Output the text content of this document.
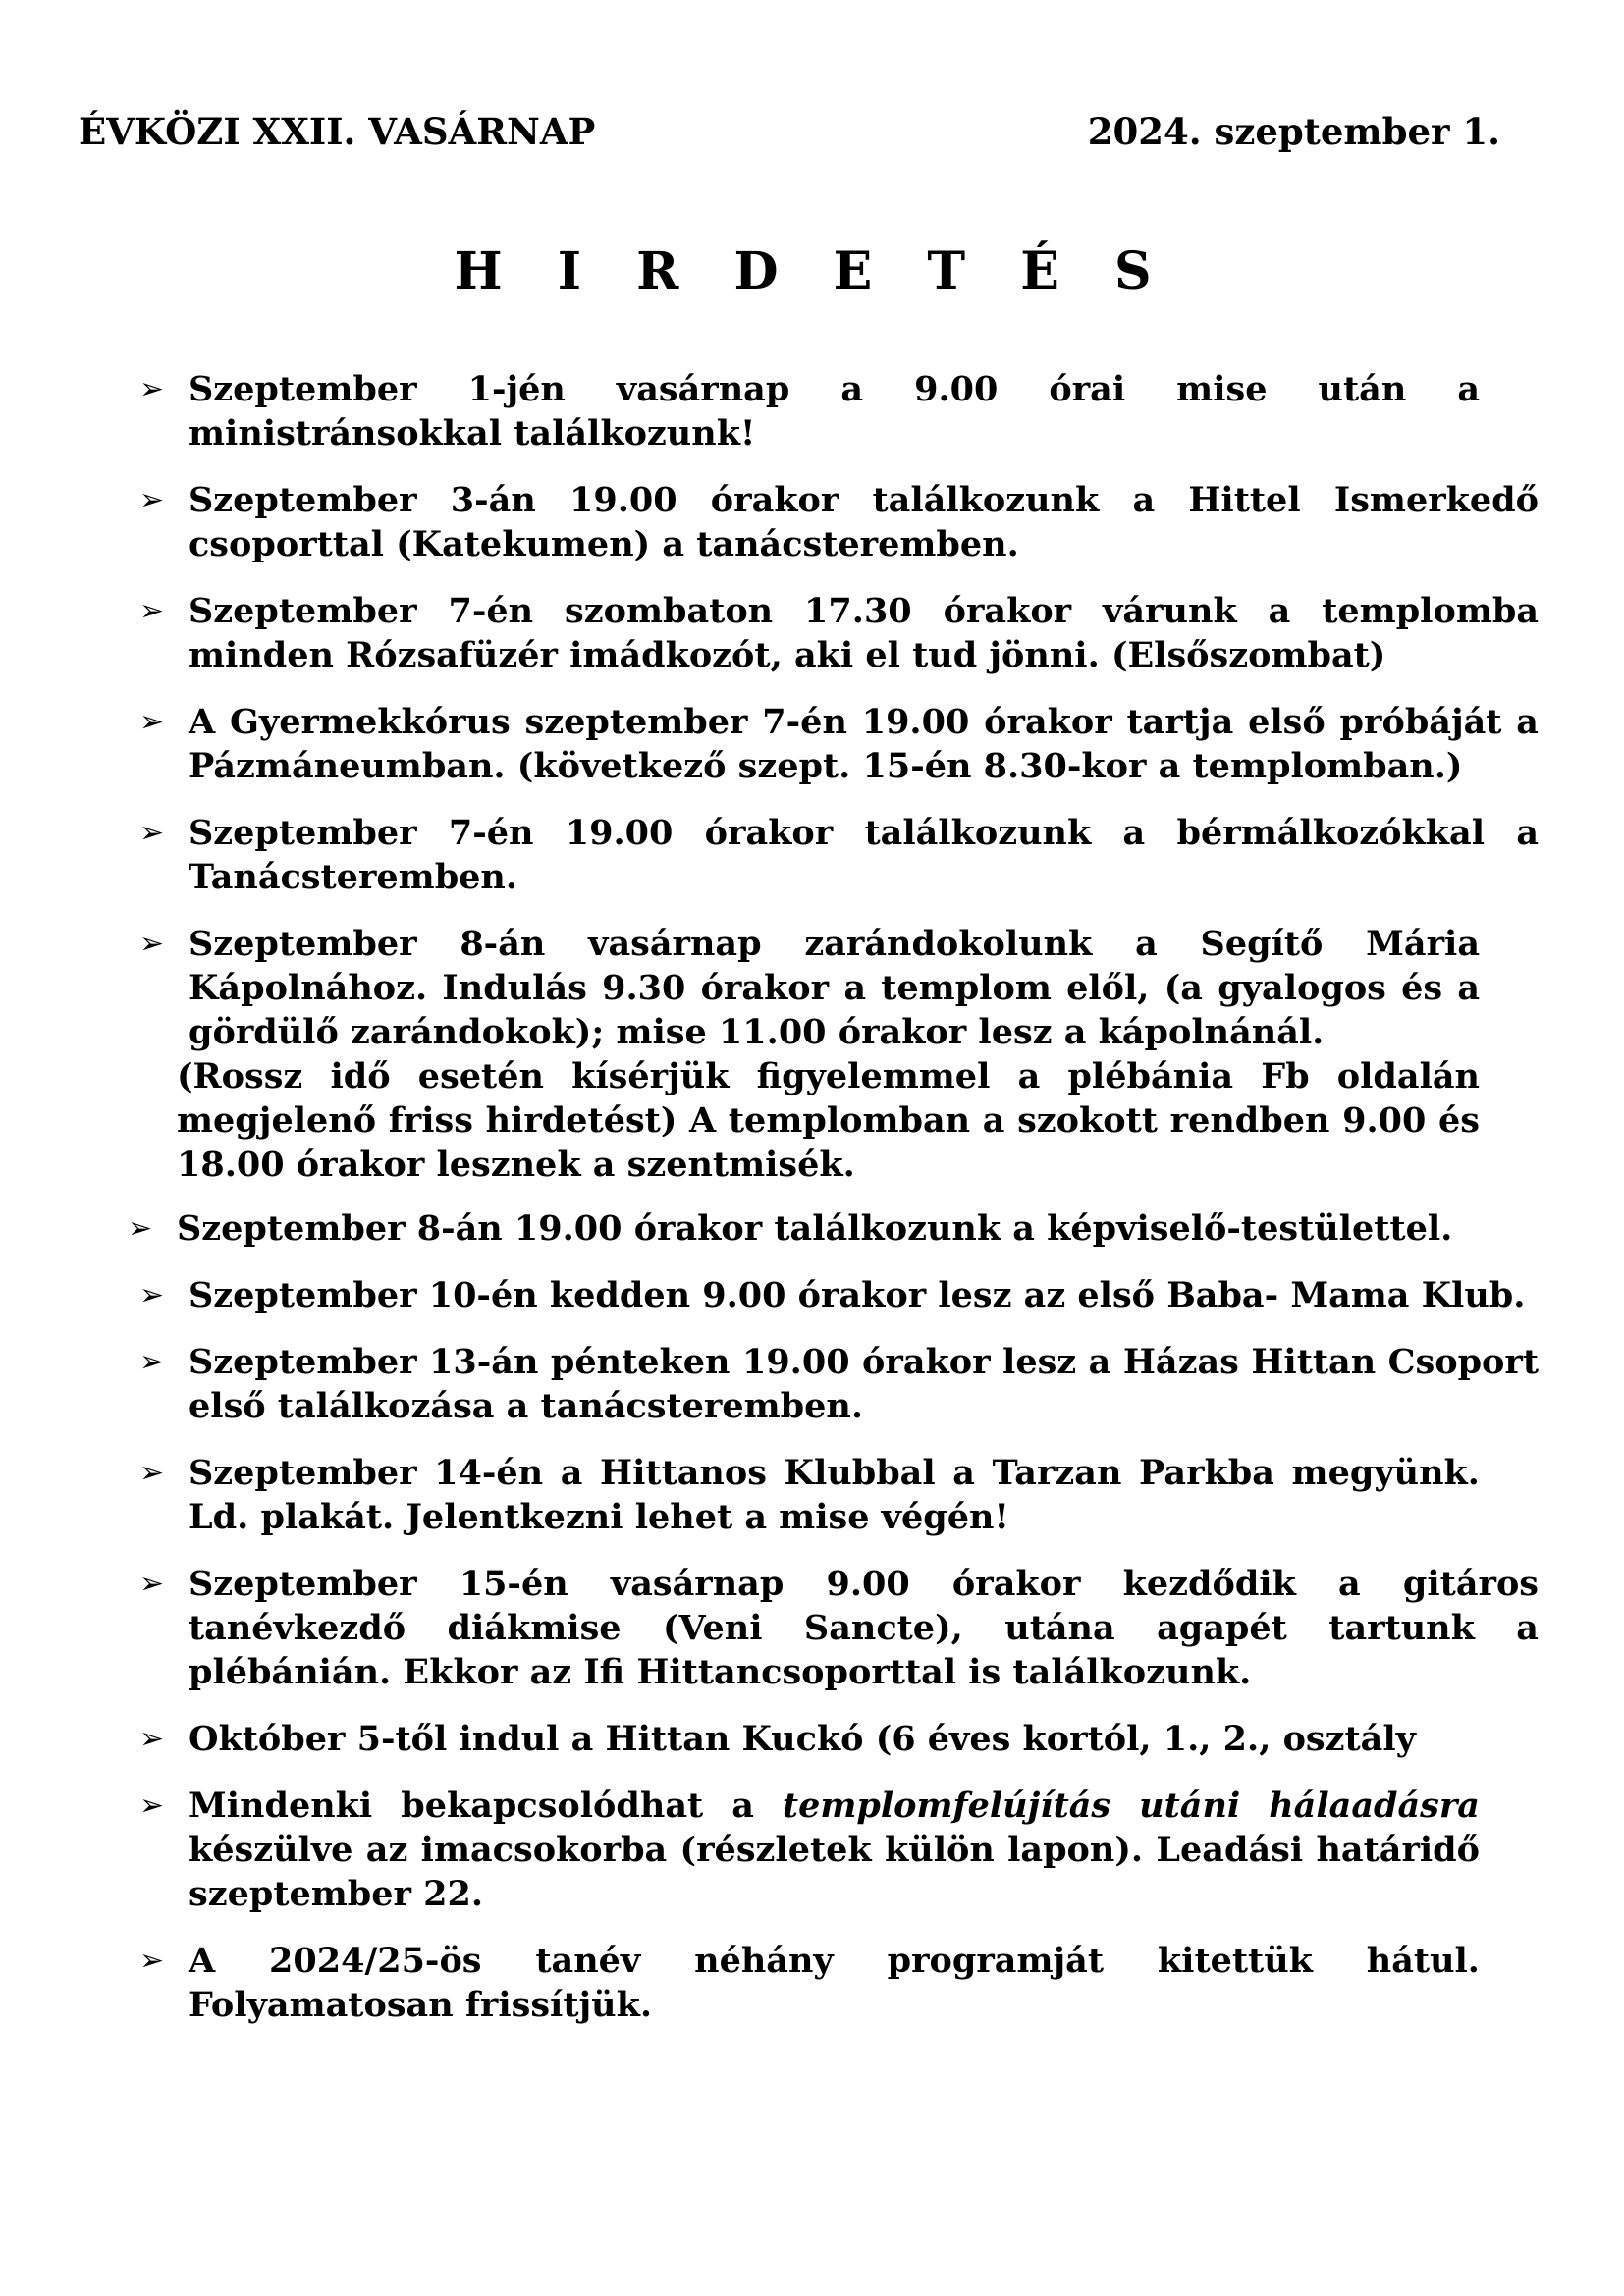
ÉVKÖZI XXII. VASÁRNAP	2024. szeptember 1.
H I R D E T É S
➢ Szeptember 1-jén vasárnap a 9.00 órai mise után a ministránsokkal találkozunk!
➢ Szeptember 3-án 19.00 órakor találkozunk a Hittel Ismerkedő csoporttal (Katekumen) a tanácsteremben.
➢ Szeptember 7-én szombaton 17.30 órakor várunk a templomba minden Rózsafüzér imádkozót, aki el tud jönni. (Elsőszombat)
➢ A Gyermekkórus szeptember 7-én 19.00 órakor tartja első próbáját a Pázmáneumban. (következő szept. 15-én 8.30-kor a templomban.)
➢ Szeptember 7-én 19.00 órakor találkozunk a bérmálkozókkal a Tanácsteremben.
➢ Szeptember 8-án vasárnap zarándokolunk a Segítő Mária Kápolnához. Indulás 9.30 órakor a templom elől, (a gyalogos és a gördülő zarándokok); mise 11.00 órakor lesz a kápolnánál.
(Rossz idő esetén kísérjük figyelemmel a plébánia Fb oldalán megjelenő friss hirdetést) A templomban a szokott rendben 9.00 és 18.00 órakor lesznek a szentmisék.
➢ Szeptember 8-án 19.00 órakor találkozunk a képviselő-testülettel.
➢ Szeptember 10-én kedden 9.00 órakor lesz az első Baba- Mama Klub.
➢ Szeptember 13-án pénteken 19.00 órakor lesz a Házas Hittan Csoport első találkozása a tanácsteremben.
➢ Szeptember 14-én a Hittanos Klubbal a Tarzan Parkba megyünk. Ld. plakát. Jelentkezni lehet a mise végén!
➢ Szeptember 15-én vasárnap 9.00 órakor kezdődik a gitáros tanévkezdő diákmise (Veni Sancte), utána agapét tartunk a plébánián. Ekkor az Ifi Hittancsoporttal is találkozunk.
➢ Október 5-től indul a Hittan Kuckó (6 éves kortól, 1., 2., osztály
➢ Mindenki bekapcsolódhat a templomfelújítás utáni hálaadásra készülve az imacsokorba (részletek külön lapon). Leadási határidő szeptember 22.
➢ A 2024/25-ös tanév néhány programját kitettük hátul. Folyamatosan frissítjük.
